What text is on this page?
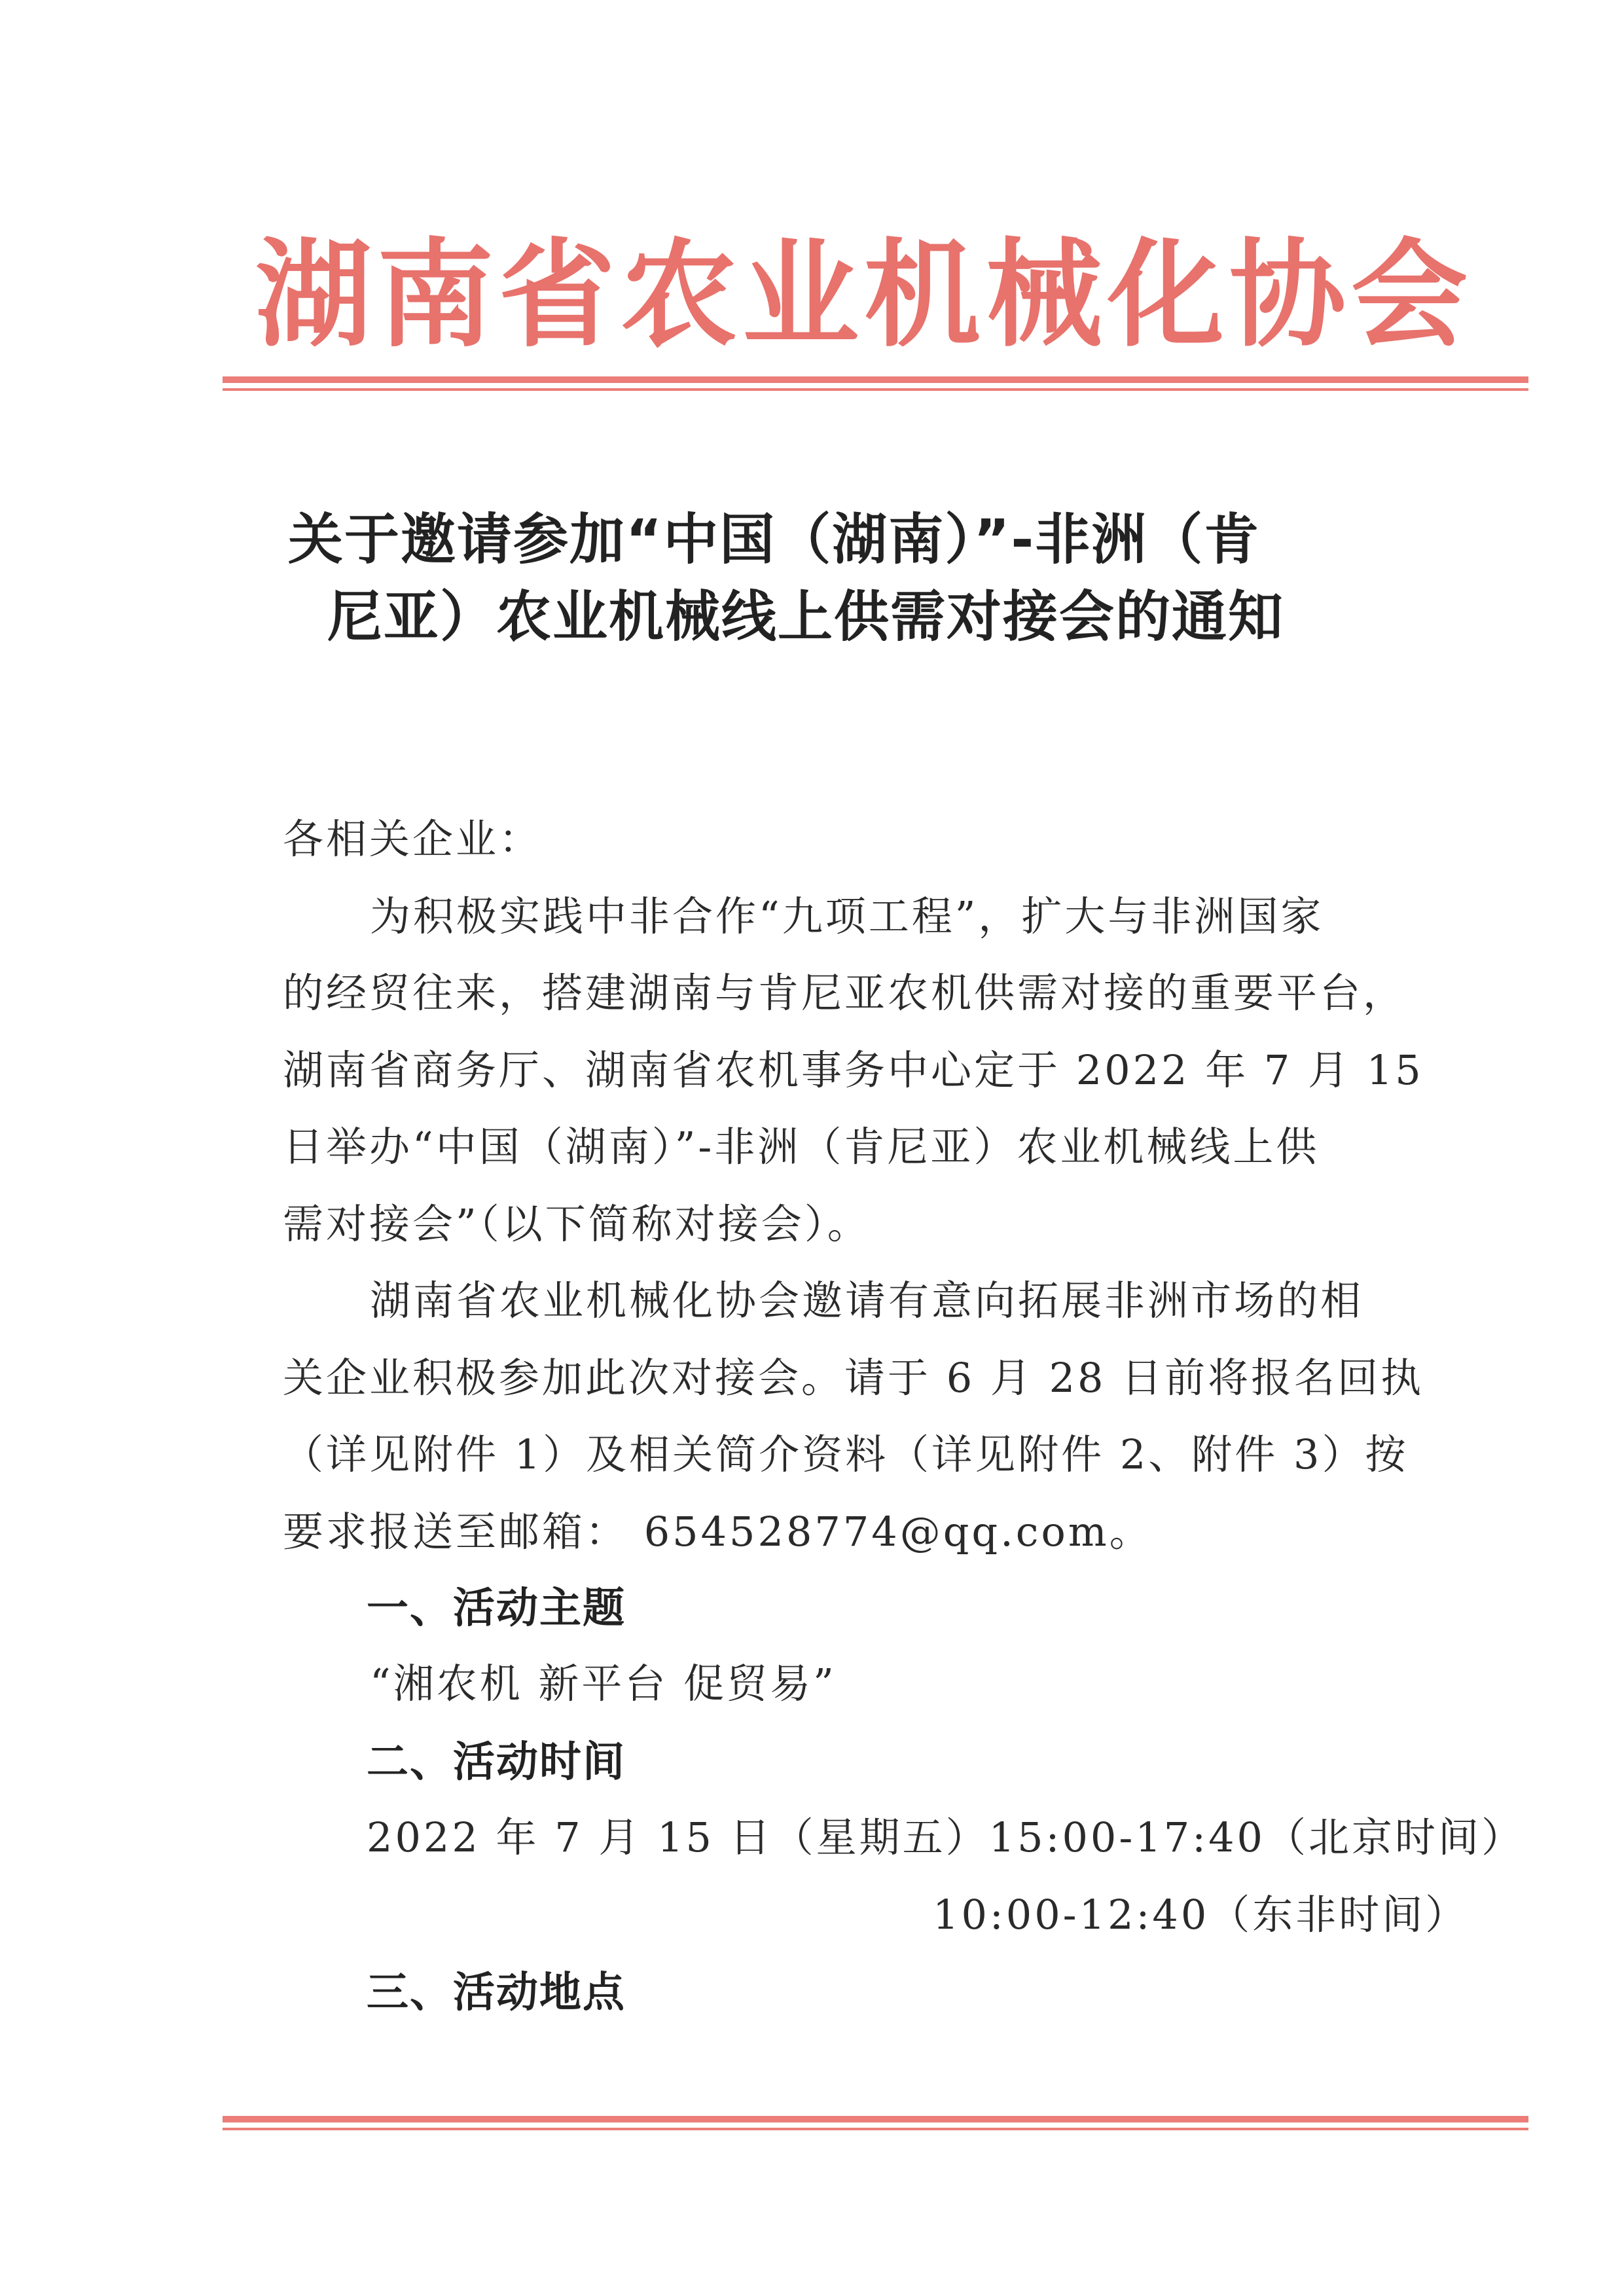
湖南省农业机械化协会
关于邀请参加“中国（湖南）”-非洲（肯
尼亚）农业机械线上供需对接会的通知
各相关企业：
为积极实践中非合作“九项工程”，扩大与非洲国家
的经贸往来，搭建湖南与肯尼亚农机供需对接的重要平台，
湖南省商务厅、湖南省农机事务中心定于 2022 年 7 月 15
日举办“中国（湖南）”-非洲（肯尼亚）农业机械线上供
需对接会”（以下简称对接会）。
湖南省农业机械化协会邀请有意向拓展非洲市场的相
关企业积极参加此次对接会。请于 6 月 28 日前将报名回执
（详见附件 1）及相关简介资料（详见附件 2、附件 3）按
要求报送至邮箱： 654528774@qq.com。
一、活动主题
“湘农机 新平台 促贸易”
二、活动时间
2022 年 7 月 15 日（星期五）15:00-17:40（北京时间）
10:00-12:40（东非时间）
三、活动地点
